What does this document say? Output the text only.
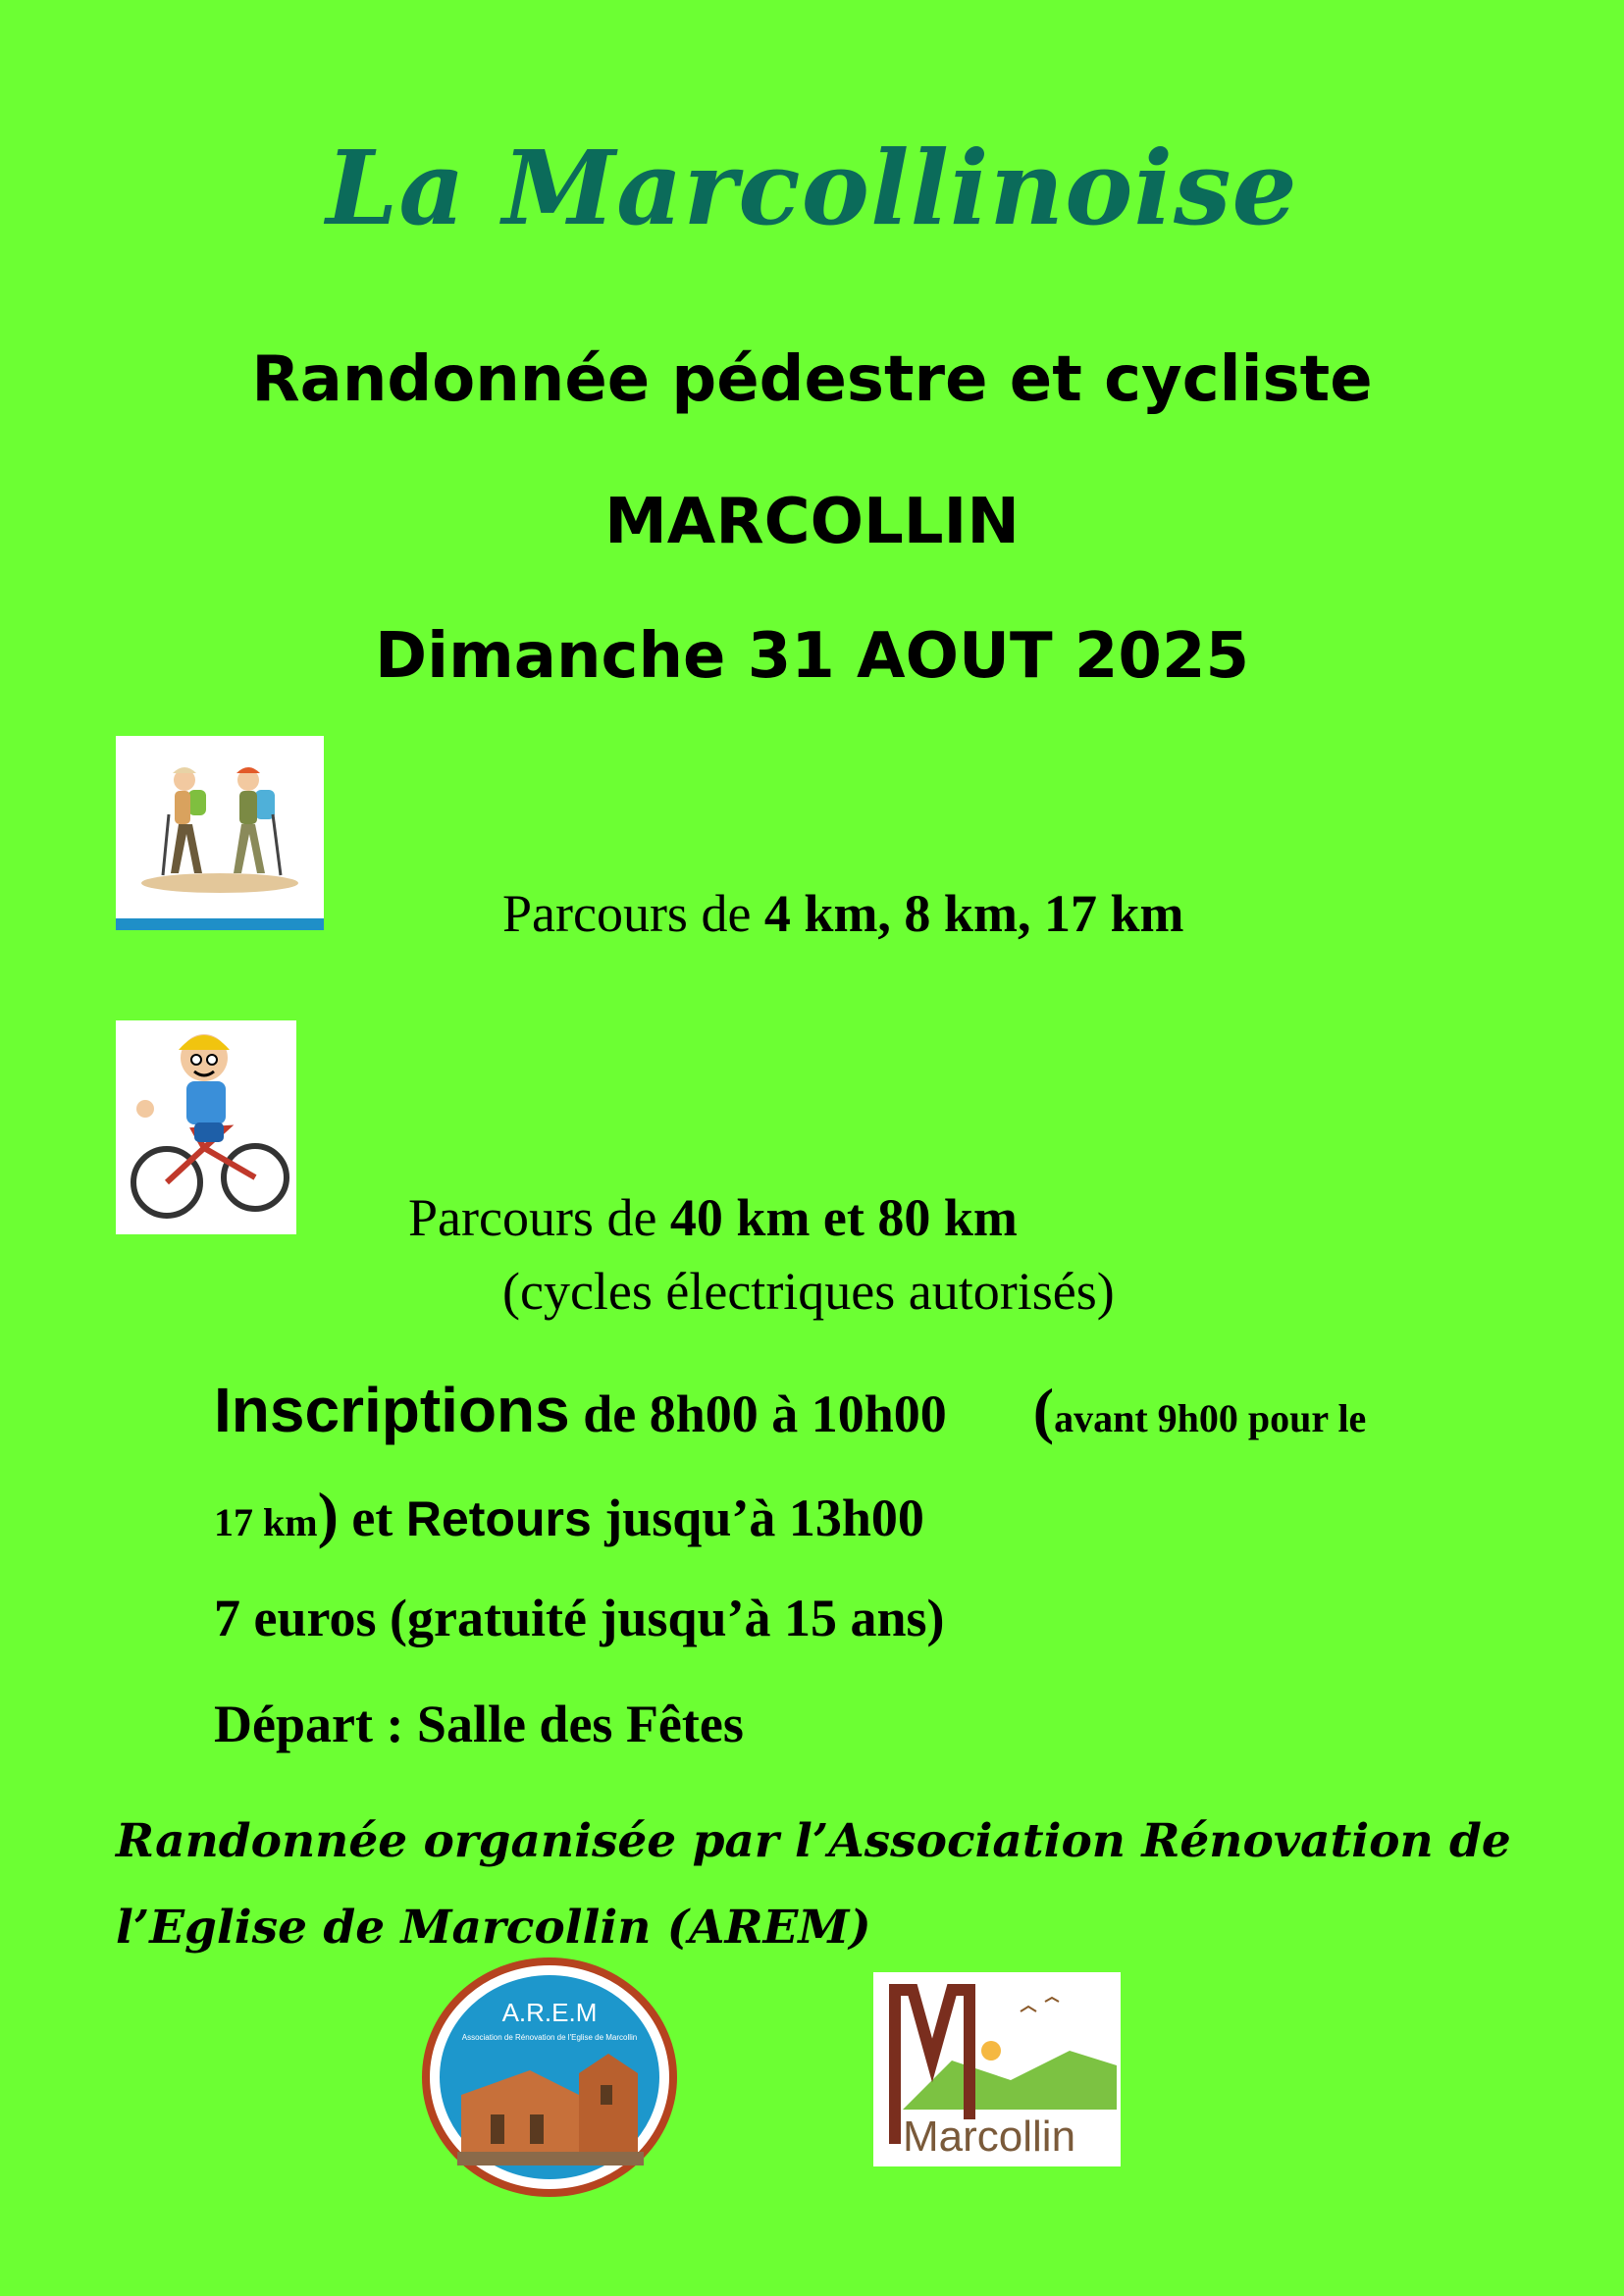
La Marcollinoise
Randonnée pédestre et cycliste
MARCOLLIN
Dimanche 31 AOUT 2025
Parcours de 4 km, 8 km, 17 km
Parcours de 40 km et 80 km
(cycles électriques autorisés)
Inscriptions de 8h00 à 10h00 (avant 9h00 pour le
17 km) et Retours jusqu’à 13h00
7 euros (gratuité jusqu’à 15 ans)
Départ : Salle des Fêtes
Randonnée organisée par l’Association Rénovation de l’Eglise de Marcollin (AREM)
A.R.E.M
Association de Rénovation de l'Eglise de Marcollin
Marcollin
